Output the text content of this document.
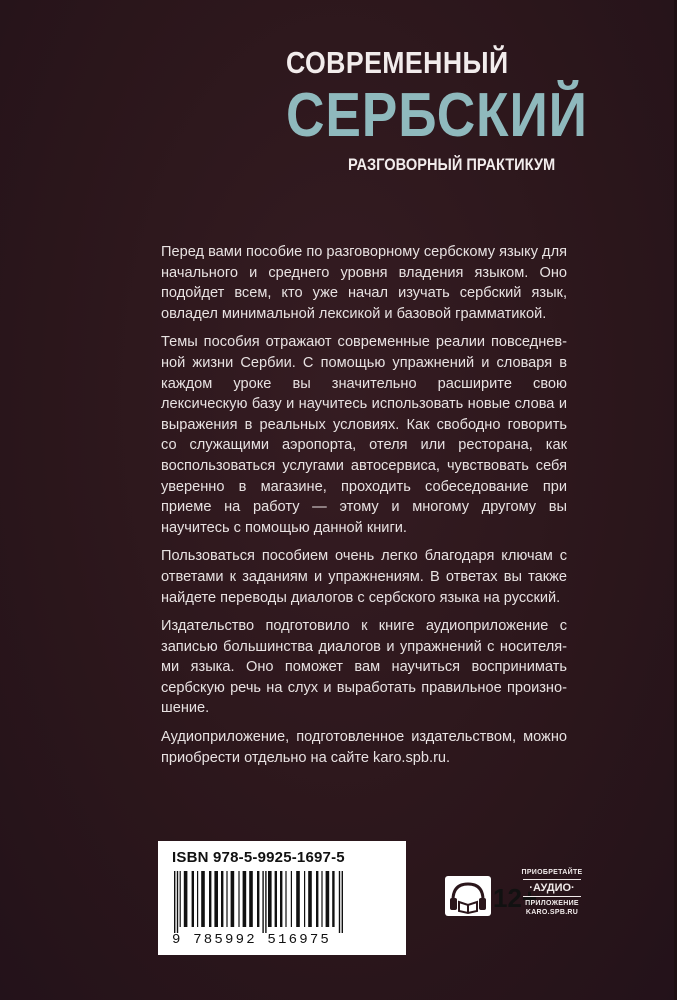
СОВРЕМЕННЫЙ
СЕРБСКИЙ
РАЗГОВОРНЫЙ ПРАКТИКУМ

Перед вами пособие по разговорному сербскому языку для начального и среднего уровня владения языком. Оно подойдет всем, кто уже начал изучать сербский язык, овладел минимальной лексикой и базовой грамматикой.

Темы пособия отражают современные реалии повседневной жизни Сербии. С помощью упражнений и словаря в каждом уроке вы значительно расширите свою лексическую базу и научитесь использовать новые слова и выражения в реальных условиях. Как свободно говорить со служащими аэропорта, отеля или ресторана, как воспользоваться услугами автосервиса, чувствовать себя уверенно в магазине, проходить собеседование при приеме на работу — этому и многому другому вы научитесь с помощью данной книги.

Пользоваться пособием очень легко благодаря ключам с ответами к заданиям и упражнениям. В ответах вы также найдете переводы диалогов с сербского языка на русский.

Издательство подготовило к книге аудиоприложение с записью большинства диалогов и упражнений с носителями языка. Оно поможет вам научиться воспринимать сербскую речь на слух и выработать правильное произношение.

Аудиоприложение, подготовленное издательством, можно приобрести отдельно на сайте karo.spb.ru.

ISBN 978-5-9925-1697-5
9 785992 516975
12+
ПРИОБРЕТАЙТЕ
·АУДИО·
ПРИЛОЖЕНИЕ
KARO.SPB.RU
